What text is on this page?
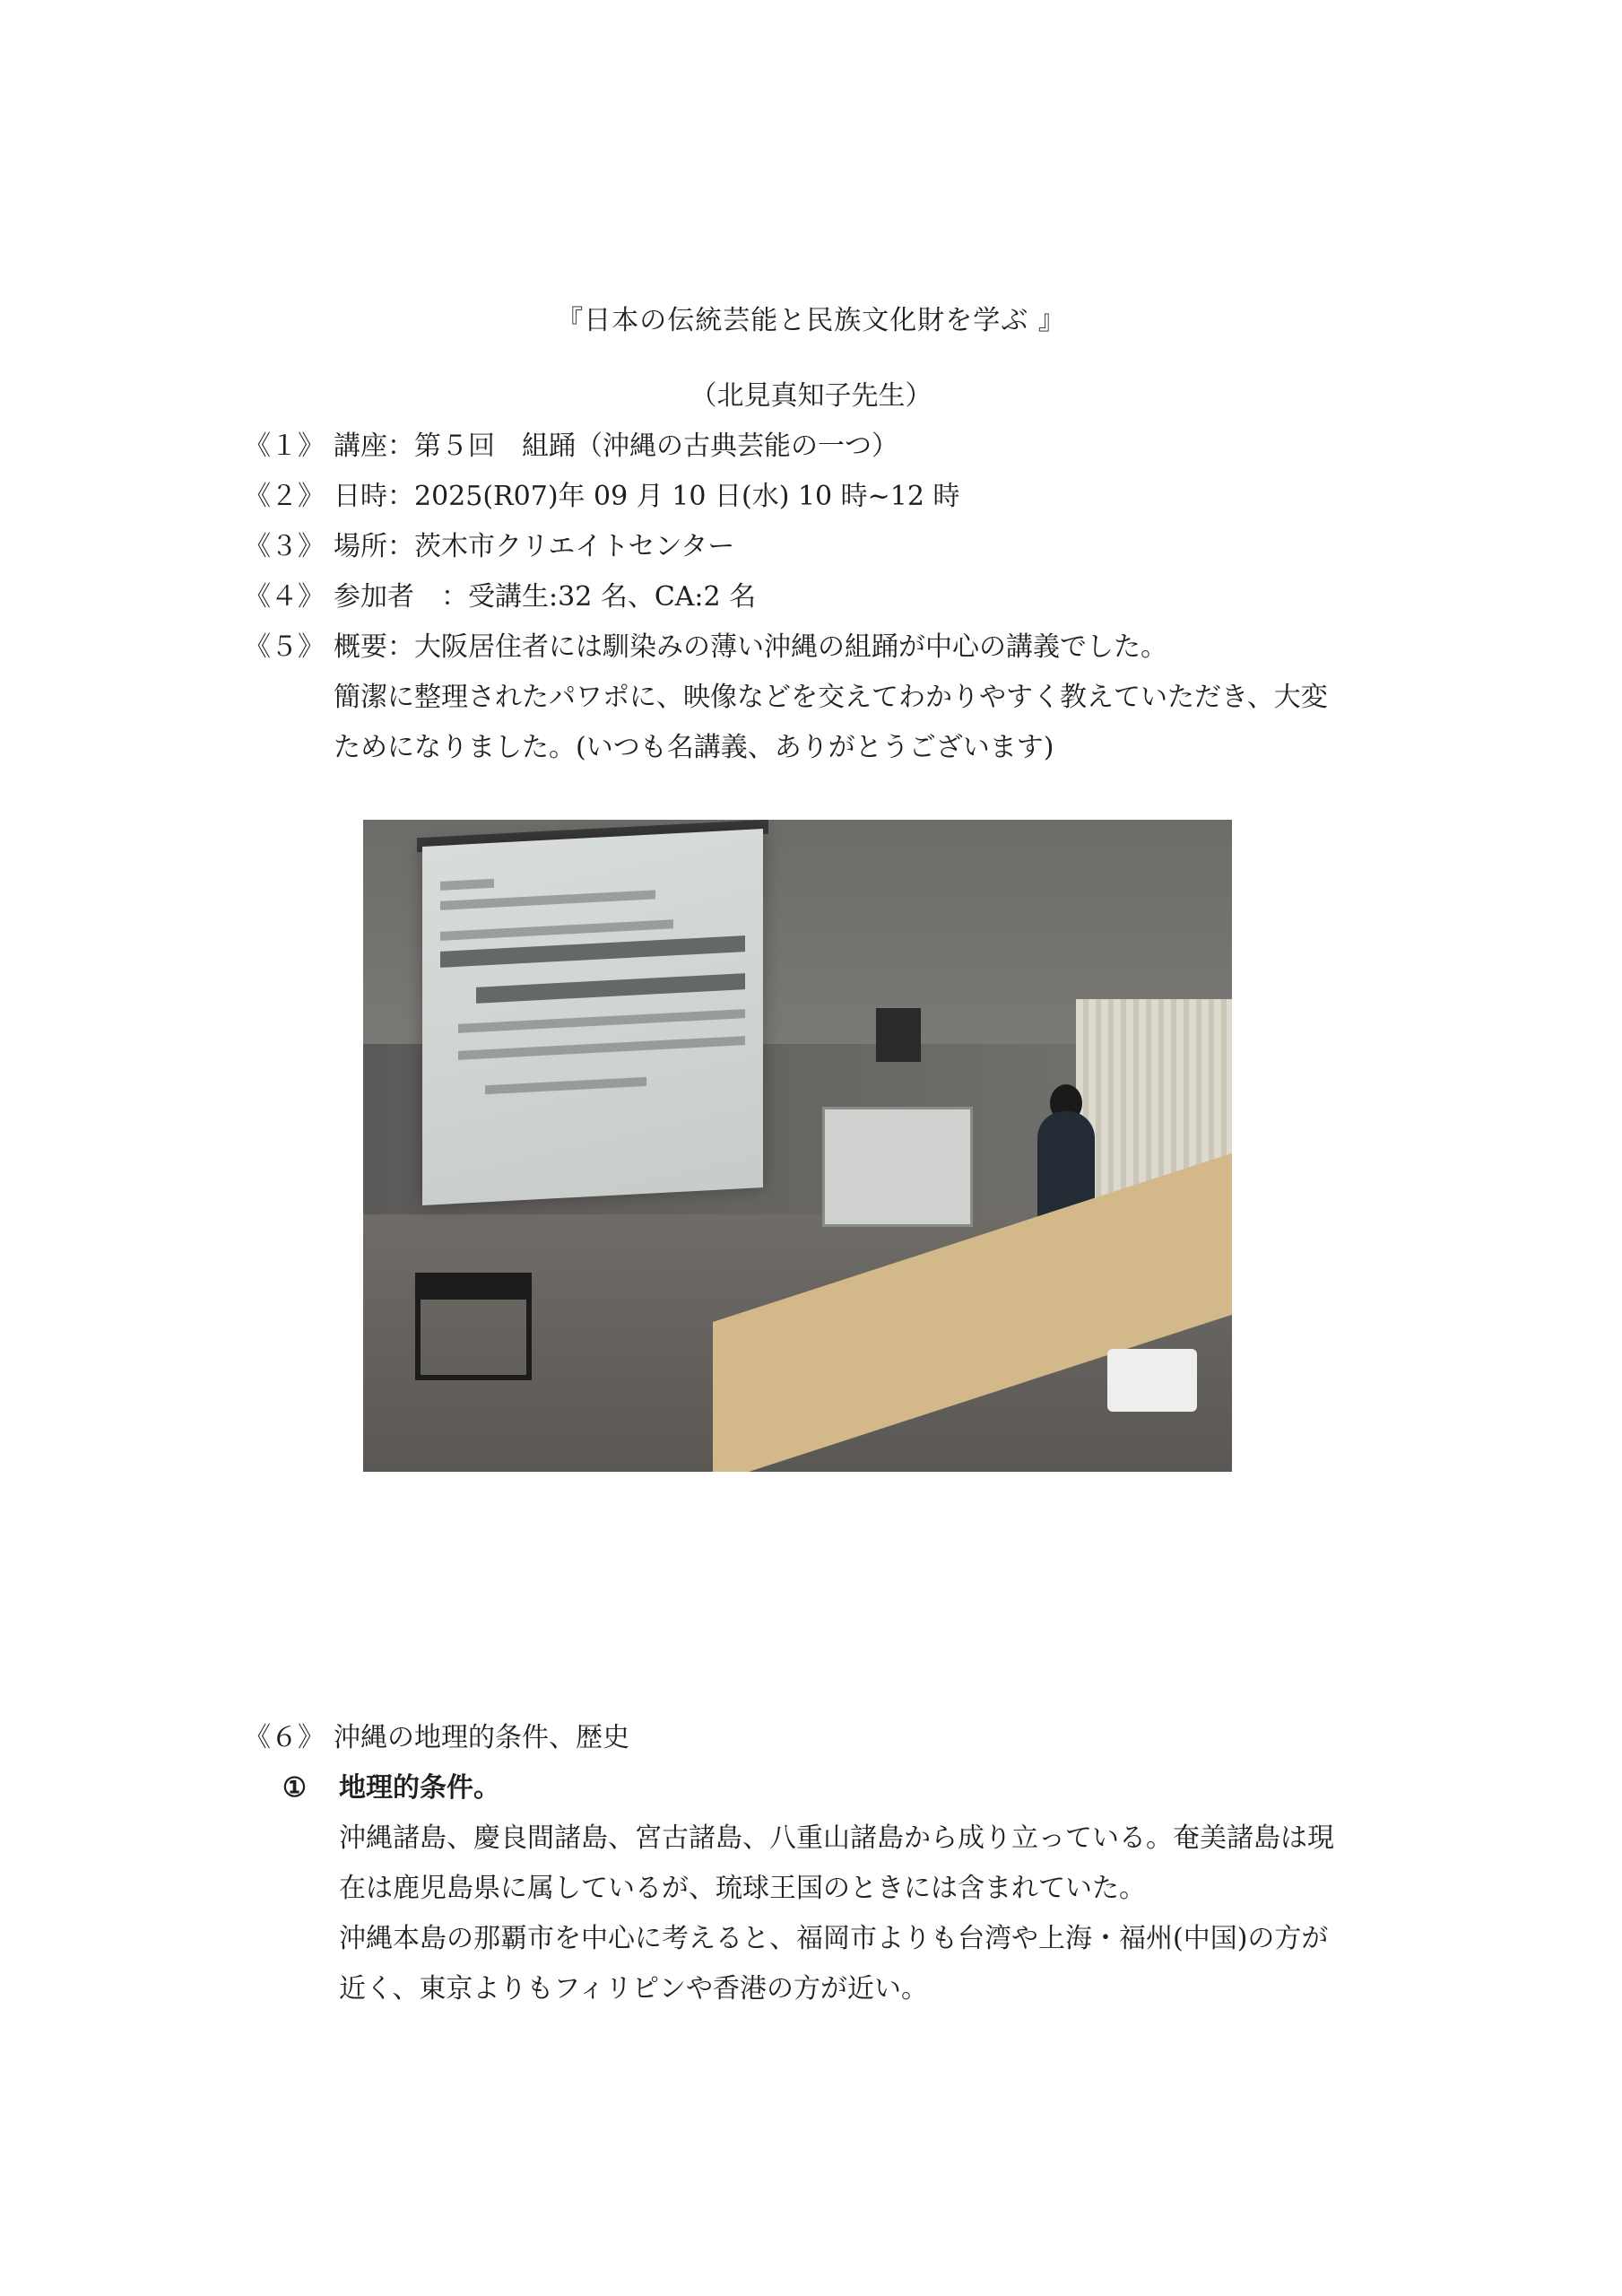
『日本の伝統芸能と民族文化財を学ぶ 』
（北見真知子先生）
《１》 講座：第５回　組踊（沖縄の古典芸能の一つ）
《２》 日時：2025(R07)年 09 月 10 日(水) 10 時~12 時
《３》 場所：茨木市クリエイトセンター
《４》 参加者　：受講生:32 名、CA:2 名
《５》 概要：大阪居住者には馴染みの薄い沖縄の組踊が中心の講義でした。
簡潔に整理されたパワポに、映像などを交えてわかりやすく教えていただき、大変
ためになりました。(いつも名講義、ありがとうございます)
《６》 沖縄の地理的条件、歴史
① 地理的条件。
沖縄諸島、慶良間諸島、宮古諸島、八重山諸島から成り立っている。奄美諸島は現
在は鹿児島県に属しているが、琉球王国のときには含まれていた。
沖縄本島の那覇市を中心に考えると、福岡市よりも台湾や上海・福州(中国)の方が
近く、東京よりもフィリピンや香港の方が近い。
